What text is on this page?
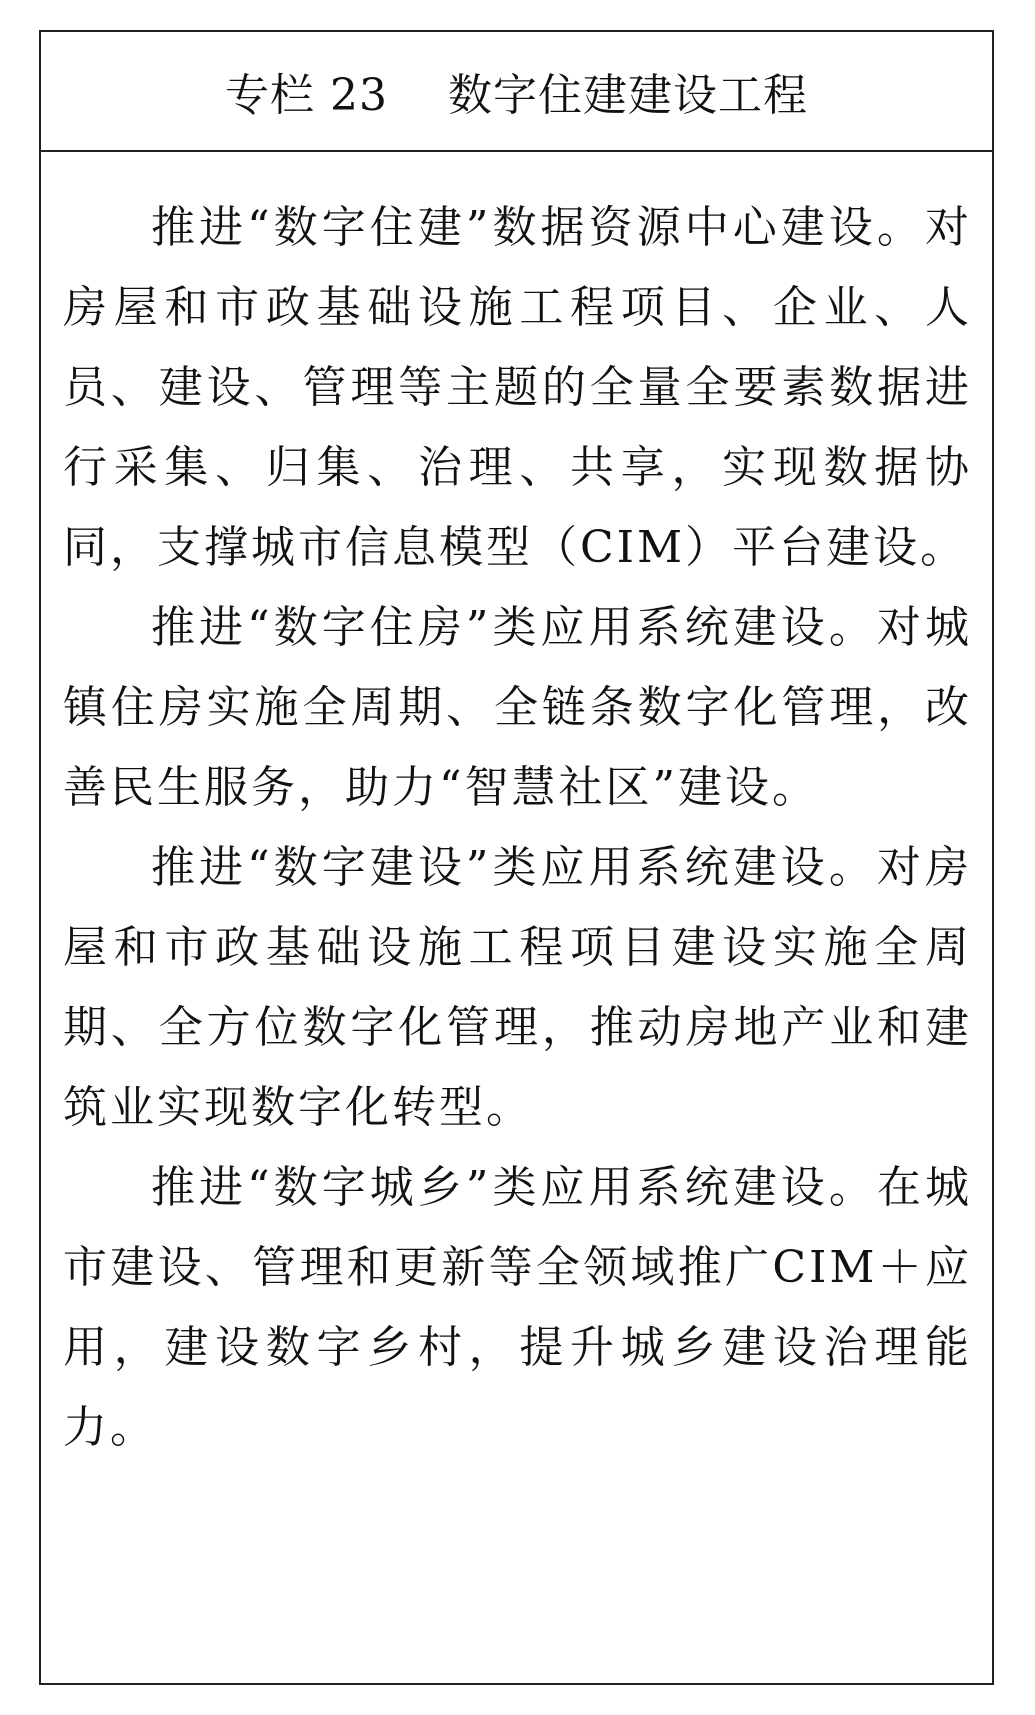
专栏 23　 数字住建建设工程

推进“数字住建”数据资源中心建设。对房屋和市政基础设施工程项目、企业、人员、建设、管理等主题的全量全要素数据进行采集、归集、治理、共享，实现数据协同，支撑城市信息模型（CIM）平台建设。

推进“数字住房”类应用系统建设。对城镇住房实施全周期、全链条数字化管理，改善民生服务，助力“智慧社区”建设。

推进“数字建设”类应用系统建设。对房屋和市政基础设施工程项目建设实施全周期、全方位数字化管理，推动房地产业和建筑业实现数字化转型。

推进“数字城乡”类应用系统建设。在城市建设、管理和更新等全领域推广CIM＋应用，建设数字乡村，提升城乡建设治理能力。
